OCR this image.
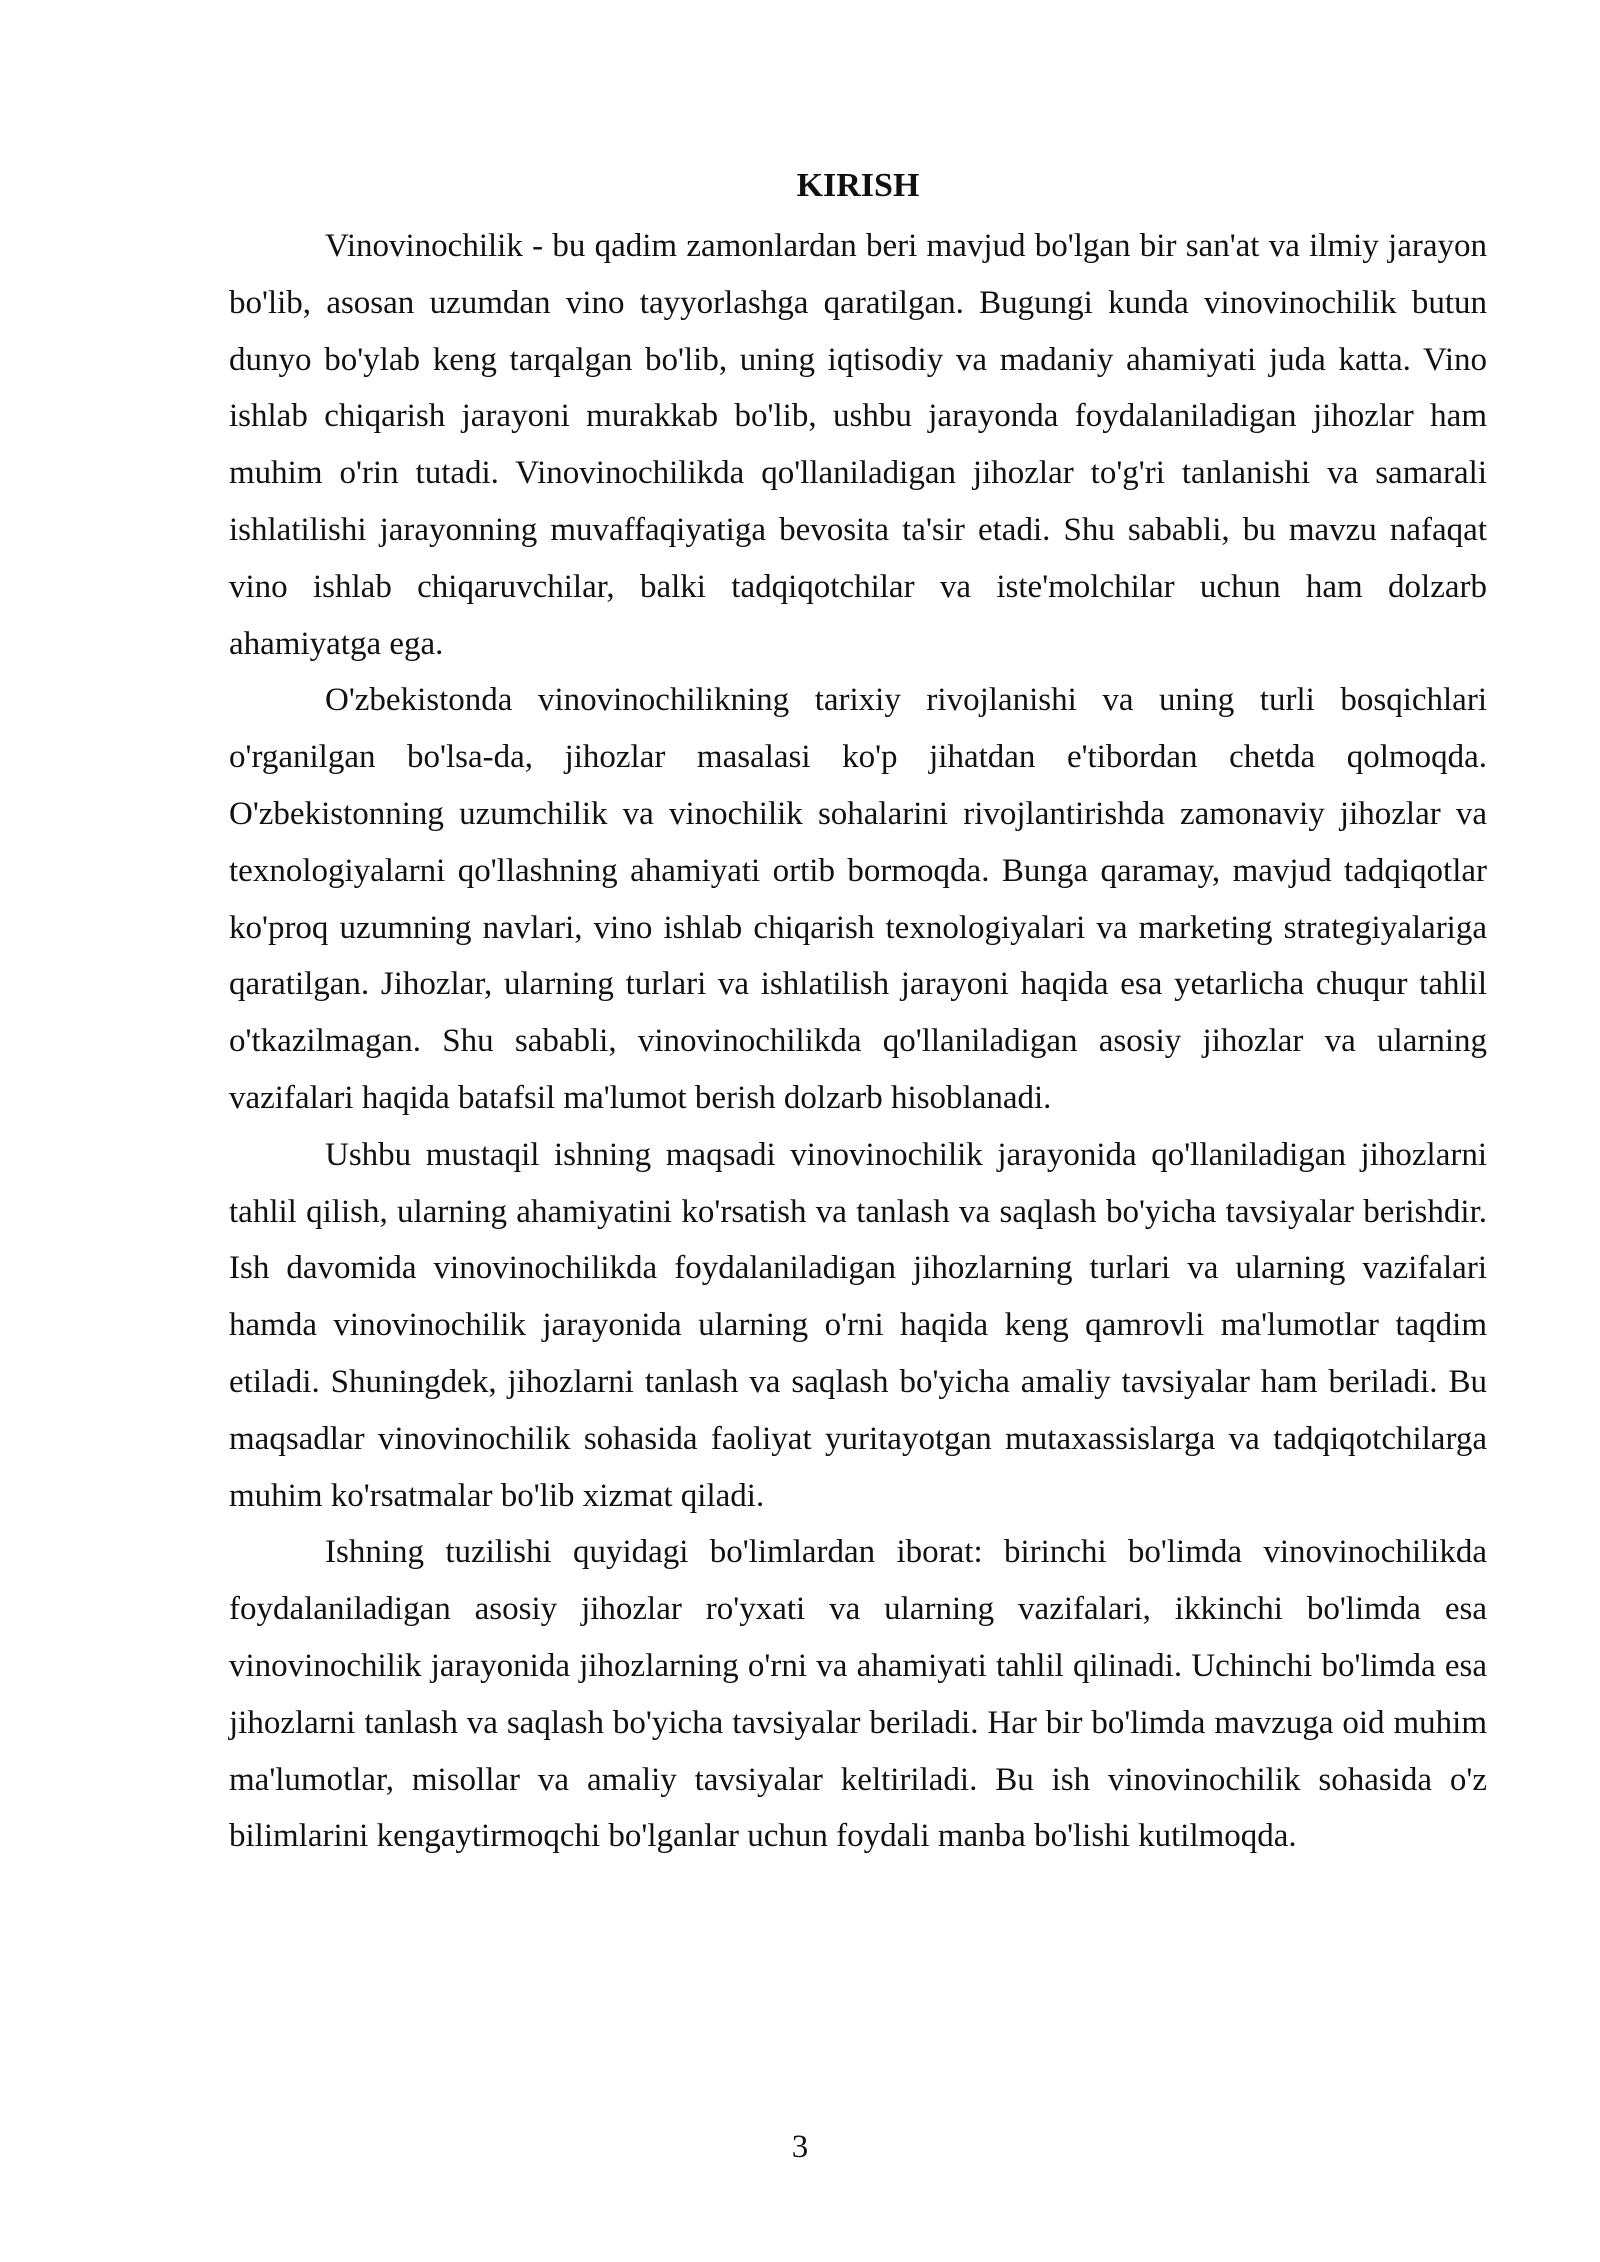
KIRISH

Vinovinochilik - bu qadim zamonlardan beri mavjud bo'lgan bir san'at va ilmiy jarayon bo'lib, asosan uzumdan vino tayyorlashga qaratilgan. Bugungi kunda vinovinochilik butun dunyo bo'ylab keng tarqalgan bo'lib, uning iqtisodiy va madaniy ahamiyati juda katta. Vino ishlab chiqarish jarayoni murakkab bo'lib, ushbu jarayonda foydalaniladigan jihozlar ham muhim o'rin tutadi. Vinovinochilikda qo'llaniladigan jihozlar to'g'ri tanlanishi va samarali ishlatilishi jarayonning muvaffaqiyatiga bevosita ta'sir etadi. Shu sababli, bu mavzu nafaqat vino ishlab chiqaruvchilar, balki tadqiqotchilar va iste'molchilar uchun ham dolzarb ahamiyatga ega.

O'zbekistonda vinovinochilikning tarixiy rivojlanishi va uning turli bosqichlari o'rganilgan bo'lsa-da, jihozlar masalasi ko'p jihatdan e'tibordan chetda qolmoqda. O'zbekistonning uzumchilik va vinochilik sohalarini rivojlantirishda zamonaviy jihozlar va texnologiyalarni qo'llashning ahamiyati ortib bormoqda. Bunga qaramay, mavjud tadqiqotlar ko'proq uzumning navlari, vino ishlab chiqarish texnologiyalari va marketing strategiyalariga qaratilgan. Jihozlar, ularning turlari va ishlatilish jarayoni haqida esa yetarlicha chuqur tahlil o'tkazilmagan. Shu sababli, vinovinochilikda qo'llaniladigan asosiy jihozlar va ularning vazifalari haqida batafsil ma'lumot berish dolzarb hisoblanadi.

Ushbu mustaqil ishning maqsadi vinovinochilik jarayonida qo'llaniladigan jihozlarni tahlil qilish, ularning ahamiyatini ko'rsatish va tanlash va saqlash bo'yicha tavsiyalar berishdir. Ish davomida vinovinochilikda foydalaniladigan jihozlarning turlari va ularning vazifalari hamda vinovinochilik jarayonida ularning o'rni haqida keng qamrovli ma'lumotlar taqdim etiladi. Shuningdek, jihozlarni tanlash va saqlash bo'yicha amaliy tavsiyalar ham beriladi. Bu maqsadlar vinovinochilik sohasida faoliyat yuritayotgan mutaxassislarga va tadqiqotchilarga muhim ko'rsatmalar bo'lib xizmat qiladi.

Ishning tuzilishi quyidagi bo'limlardan iborat: birinchi bo'limda vinovinochilikda foydalaniladigan asosiy jihozlar ro'yxati va ularning vazifalari, ikkinchi bo'limda esa vinovinochilik jarayonida jihozlarning o'rni va ahamiyati tahlil qilinadi. Uchinchi bo'limda esa jihozlarni tanlash va saqlash bo'yicha tavsiyalar beriladi. Har bir bo'limda mavzuga oid muhim ma'lumotlar, misollar va amaliy tavsiyalar keltiriladi. Bu ish vinovinochilik sohasida o'z bilimlarini kengaytirmoqchi bo'lganlar uchun foydali manba bo'lishi kutilmoqda.

3
